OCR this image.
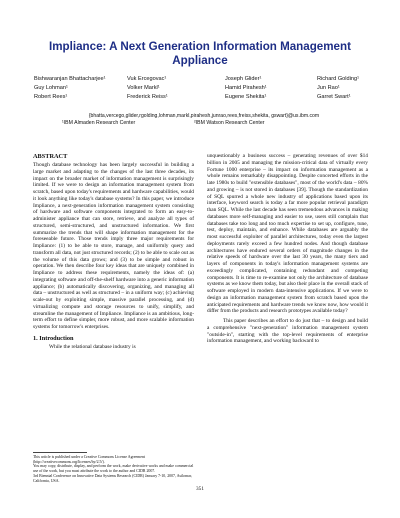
Impliance: A Next Generation Information Management Appliance
Bishwaranjan Bhattacharjee¹	Vuk Ercegovac¹	Joseph Glider¹	Richard Golding¹
Guy Lohman¹	Volker Markl¹	Hamid Pirahesh¹	Jun Rao¹
Robert Rees¹	Frederick Reiss¹	Eugene Shekita¹	Garret Swart¹
{bhatta,vercego,glider,rgolding,lohman,markl,pirahesh,junrao,rees,freiss,shekita, gswart}@us.ibm.com
¹IBM Almaden Research Center	²IBM Watson Research Center
ABSTRACT

Though database technology has been largely successful in building a large market and adapting to the changes of the last three decades, its impact on the broader market of information management is surprisingly limited. If we were to design an information management system from scratch, based upon today's requirements and hardware capabilities, would it look anything like today's database systems? In this paper, we introduce Impliance, a next-generation information management system consisting of hardware and software components integrated to form an easy-to-administer appliance that can store, retrieve, and analyze all types of structured, semi-structured, and unstructured information. We first summarize the trends that will shape information management for the foreseeable future. Those trends imply three major requirements for Impliance: (1) to be able to store, manage, and uniformly query and transform all data, not just structured records; (2) to be able to scale out as the volume of this data grows; and (3) to be simple and robust in operation. We then describe four key ideas that are uniquely combined in Impliance to address these requirements, namely the ideas of: (a) integrating software and off-the-shelf hardware into a generic information appliance; (b) automatically discovering, organizing, and managing all data – unstructured as well as structured – in a uniform way; (c) achieving scale-out by exploiting simple, massive parallel processing, and (d) virtualizing compute and storage resources to unify, simplify, and streamline the management of Impliance. Impliance is an ambitious, long-term effort to define simpler, more robust, and more scalable information systems for tomorrow's enterprises.

1. Introduction

While the relational database industry is

This article is published under a Creative Commons License Agreement (http://creativecommons.org/licenses/by/2.5/).
You may copy, distribute, display, and perform the work, make derivative works and make commercial use of the work, but you must attribute the work to the author and CIDR 2007.
3rd Biennial Conference on Innovative Data Systems Research (CIDR) January 7-10, 2007, Asilomar, California, USA.

unquestionably a business success – generating revenues of over $14 billion in 2005 and managing the mission-critical data of virtually every Fortune 1000 enterprise – its impact on information management as a whole remains remarkably disappointing. Despite concerted efforts in the late 1980s to build "extensible databases", most of the world's data – 80% and growing – is not stored in databases [39]. Though the standardization of SQL spurred a whole new industry of applications based upon its interface, keyword search is today a far more popular retrieval paradigm than SQL. While the last decade has seen tremendous advances in making databases more self-managing and easier to use, users still complain that databases take too long and too much expertise to set up, configure, tune, test, deploy, maintain, and enhance. While databases are arguably the most successful exploiter of parallel architectures, today even the largest deployments rarely exceed a few hundred nodes. And though database architectures have endured several orders of magnitude changes in the relative speeds of hardware over the last 30 years, the many tiers and layers of components in today's information management systems are exceedingly complicated, containing redundant and competing components. It is time to re-examine not only the architecture of database systems as we know them today, but also their place in the overall stack of software employed in modern data-intensive applications. If we were to design an information management system from scratch based upon the anticipated requirements and hardware trends we know now, how would it differ from the products and research prototypes available today?

This paper describes an effort to do just that – to design and build a comprehensive "next-generation" information management system "outside-in", starting with the top-level requirements of enterprise information management, and working backward to

351
